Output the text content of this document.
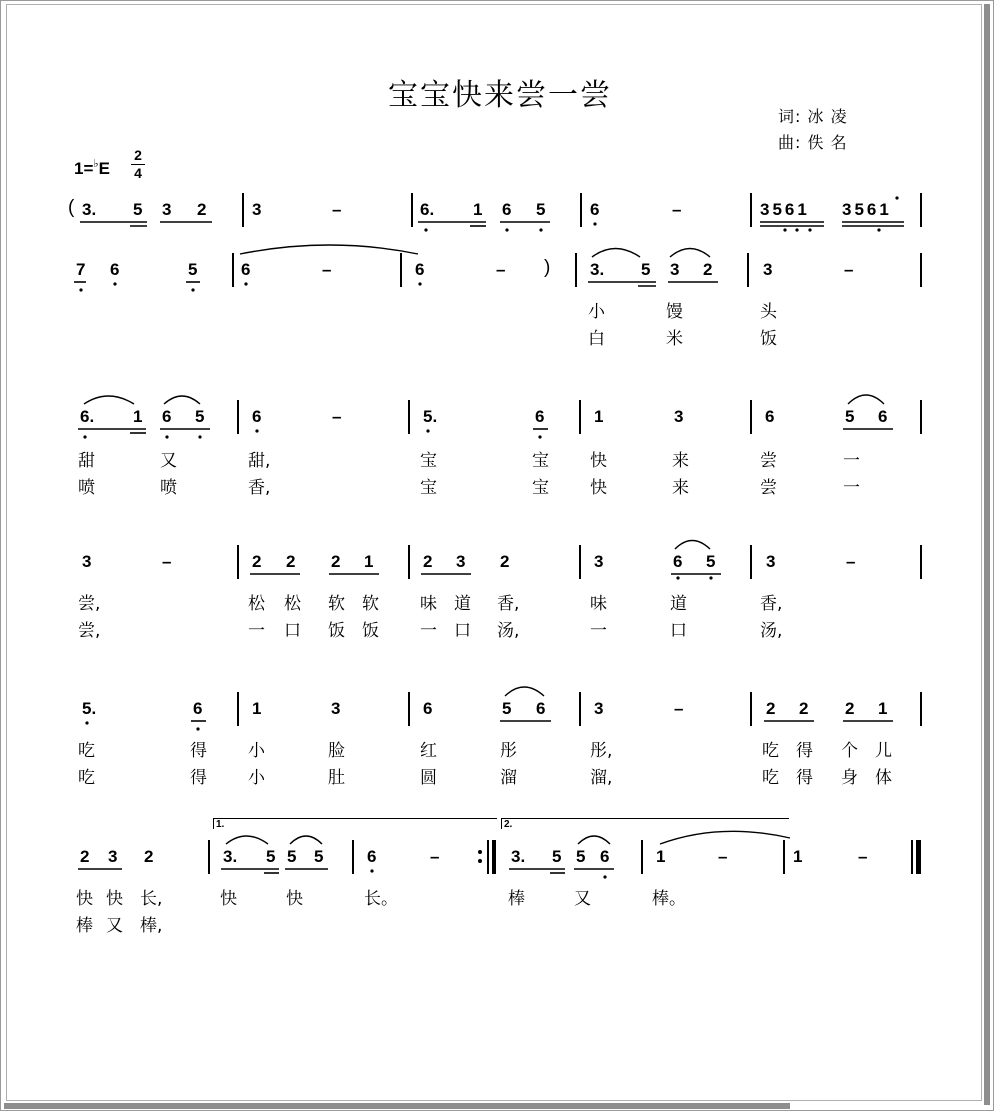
宝宝快来尝一尝
词: 冰 凌
曲: 佚 名
1=♭E
2
4
( 3. 5 3 2	3	–	6. 1 6 5	6	–	3561 3561
7 6	5	6	–	6	– ) 3. 5 3 2	3	–
小	馒	头
白	米	饭
6. 1 6 5	6	–	5.	6	1	3	6	5 6
甜	又	甜,	宝	宝 快	来	尝	一
喷	喷	香,	宝	宝 快	来	尝	一
3	–	2 2 2 1	2 3 2	3	6 5	3	–
尝,	松 松 软 软 味 道 香,	味	道	香,
尝,	一 口 饭 饭 一 口 汤,	一	口	汤,
5.	6	1	3	6	5 6	3	–	2 2 2 1
吃	得 小	脸	红	彤	彤,	吃 得 个 儿
吃	得 小	肚	圆	溜	溜,	吃 得 身 体
1.	2.
2 3 2	3. 5 5 5	6	–	3. 5 5 6	1	–	1	–
快 快 长,	快	快	长。	棒	又	棒。
棒 又 棒,
